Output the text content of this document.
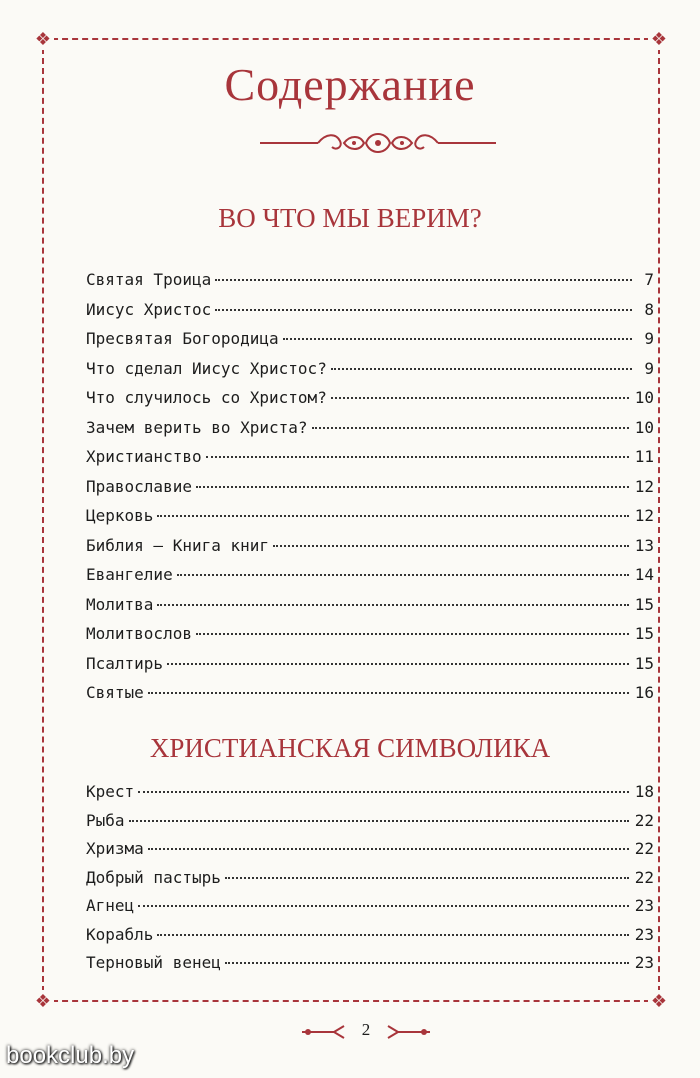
❖	❖
❖	❖
Содержание
ВО ЧТО МЫ ВЕРИМ?
Святая Троица	7
Иисус Христос	8
Пресвятая Богородица	9
Что сделал Иисус Христос?	9
Что случилось со Христом?	10
Зачем верить во Христа?	10
Христианство	11
Православие	12
Церковь	12
Библия — Книга книг	13
Евангелие	14
Молитва	15
Молитвослов	15
Псалтирь	15
Святые	16
ХРИСТИАНСКАЯ СИМВОЛИКА
Крест	18
Рыба	22
Хризма	22
Добрый пастырь	22
Агнец	23
Корабль	23
Терновый венец	23
2
bookclub.by
